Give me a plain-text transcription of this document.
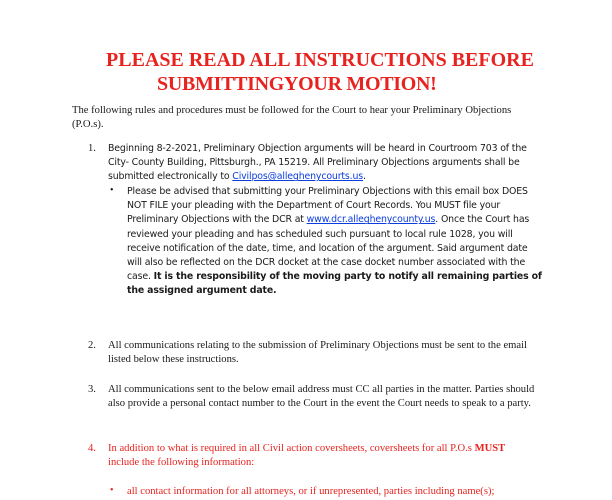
PLEASE READ ALL INSTRUCTIONS BEFORE
SUBMITTINGYOUR MOTION!
The following rules and procedures must be followed for the Court to hear your Preliminary Objections (P.O.s).
1. Beginning 8-2-2021, Preliminary Objection arguments will be heard in Courtroom 703 of the City- County Building, Pittsburgh., PA 15219. All Preliminary Objections arguments shall be submitted electronically to Civilpos@alleghenycourts.us.
• Please be advised that submitting your Preliminary Objections with this email box DOES NOT FILE your pleading with the Department of Court Records. You MUST file your Preliminary Objections with the DCR at www.dcr.alleghenycounty.us. Once the Court has reviewed your pleading and has scheduled such pursuant to local rule 1028, you will receive notification of the date, time, and location of the argument. Said argument date will also be reflected on the DCR docket at the case docket number associated with the case. It is the responsibility of the moving party to notify all remaining parties of the assigned argument date.
2. All communications relating to the submission of Preliminary Objections must be sent to the email listed below these instructions.
3. All communications sent to the below email address must CC all parties in the matter. Parties should also provide a personal contact number to the Court in the event the Court needs to speak to a party.
4. In addition to what is required in all Civil action coversheets, coversheets for all P.O.s MUST include the following information:
• all contact information for all attorneys, or if unrepresented, parties including name(s);
